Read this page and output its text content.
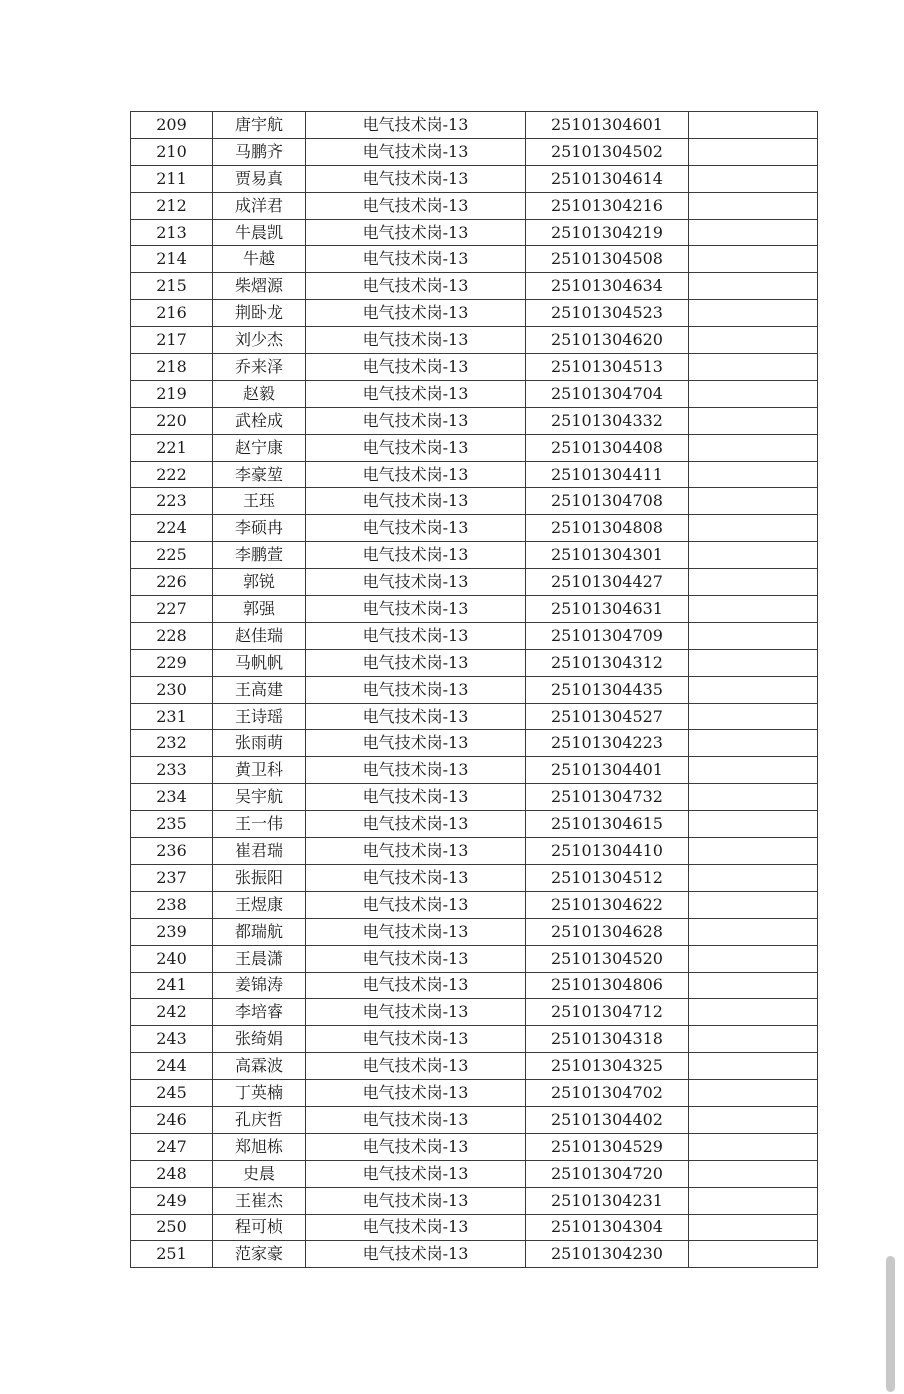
209	唐宇航	电气技术岗-13	25101304601	
210	马鹏齐	电气技术岗-13	25101304502	
211	贾易真	电气技术岗-13	25101304614	
212	成洋君	电气技术岗-13	25101304216	
213	牛晨凯	电气技术岗-13	25101304219	
214	牛越	电气技术岗-13	25101304508	
215	柴熠源	电气技术岗-13	25101304634	
216	荆卧龙	电气技术岗-13	25101304523	
217	刘少杰	电气技术岗-13	25101304620	
218	乔来泽	电气技术岗-13	25101304513	
219	赵毅	电气技术岗-13	25101304704	
220	武栓成	电气技术岗-13	25101304332	
221	赵宁康	电气技术岗-13	25101304408	
222	李豪堃	电气技术岗-13	25101304411	
223	王珏	电气技术岗-13	25101304708	
224	李硕冉	电气技术岗-13	25101304808	
225	李鹏萱	电气技术岗-13	25101304301	
226	郭锐	电气技术岗-13	25101304427	
227	郭强	电气技术岗-13	25101304631	
228	赵佳瑞	电气技术岗-13	25101304709	
229	马帆帆	电气技术岗-13	25101304312	
230	王高建	电气技术岗-13	25101304435	
231	王诗瑶	电气技术岗-13	25101304527	
232	张雨萌	电气技术岗-13	25101304223	
233	黄卫科	电气技术岗-13	25101304401	
234	吴宇航	电气技术岗-13	25101304732	
235	王一伟	电气技术岗-13	25101304615	
236	崔君瑞	电气技术岗-13	25101304410	
237	张振阳	电气技术岗-13	25101304512	
238	王煜康	电气技术岗-13	25101304622	
239	都瑞航	电气技术岗-13	25101304628	
240	王晨潇	电气技术岗-13	25101304520	
241	姜锦涛	电气技术岗-13	25101304806	
242	李培睿	电气技术岗-13	25101304712	
243	张绮娟	电气技术岗-13	25101304318	
244	高霖波	电气技术岗-13	25101304325	
245	丁英楠	电气技术岗-13	25101304702	
246	孔庆哲	电气技术岗-13	25101304402	
247	郑旭栋	电气技术岗-13	25101304529	
248	史晨	电气技术岗-13	25101304720	
249	王崔杰	电气技术岗-13	25101304231	
250	程可桢	电气技术岗-13	25101304304	
251	范家豪	电气技术岗-13	25101304230	
